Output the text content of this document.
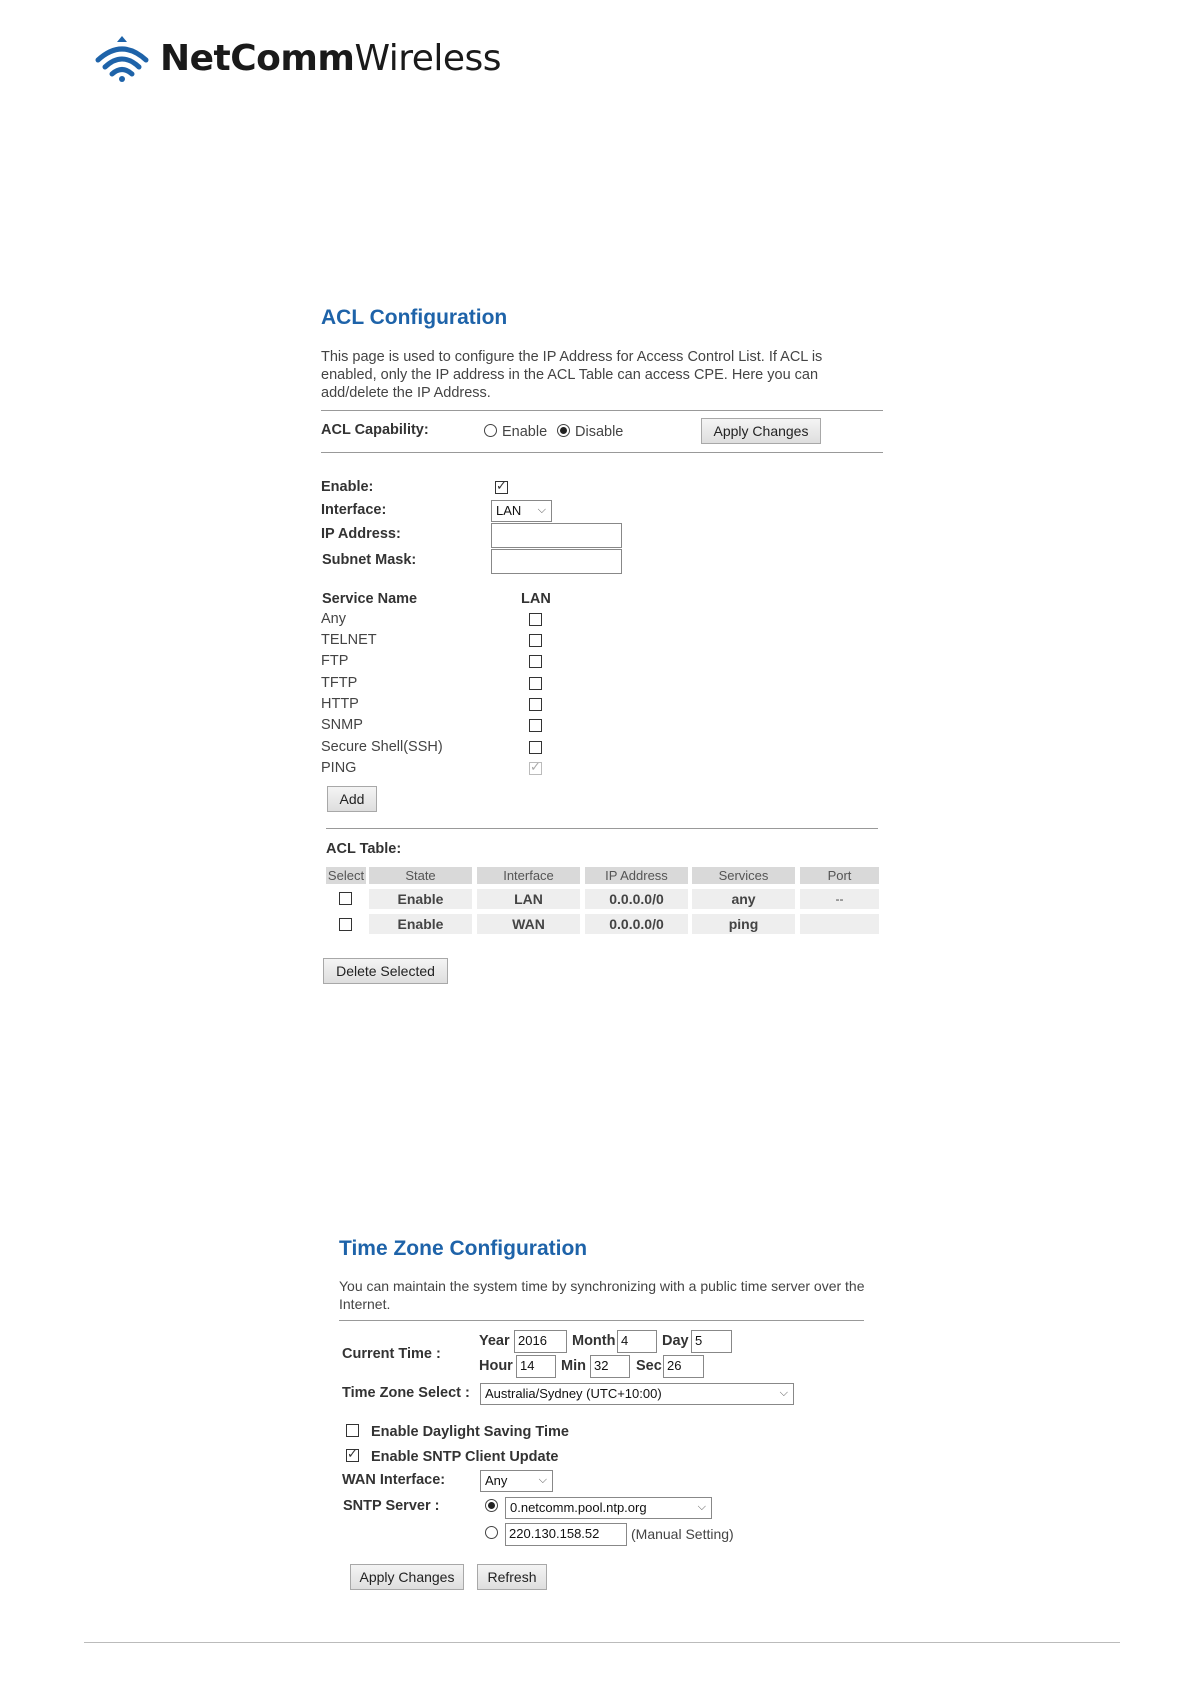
NetCommWireless
ACL Configuration
This page is used to configure the IP Address for Access Control List. If ACL is
enabled, only the IP address in the ACL Table can access CPE. Here you can
add/delete the IP Address.
ACL Capability:	Enable Disable	Apply Changes
Enable:
✓
Interface:	LAN ⌵
IP Address:
Subnet Mask:
Service Name	LAN
Any
TELNET
FTP
TFTP
HTTP
SNMP
Secure Shell(SSH)
PING
✓
Add
ACL Table:
Select	State	Interface	IP Address	Services	Port
Enable	LAN	0.0.0.0/0	any	--
Enable	WAN	0.0.0.0/0	ping
Delete Selected
Time Zone Configuration
You can maintain the system time by synchronizing with a public time server over the
Internet.
Current Time :
Year 2016	Month 4	Day 5
Hour 14	Min 32	Sec 26
Time Zone Select :	Australia/Sydney (UTC+10:00)	⌵
Enable Daylight Saving Time
✓
Enable SNTP Client Update
WAN Interface:	Any	⌵
SNTP Server :	0.netcomm.pool.ntp.org	⌵
220.130.158.52	(Manual Setting)
Apply Changes	Refresh
